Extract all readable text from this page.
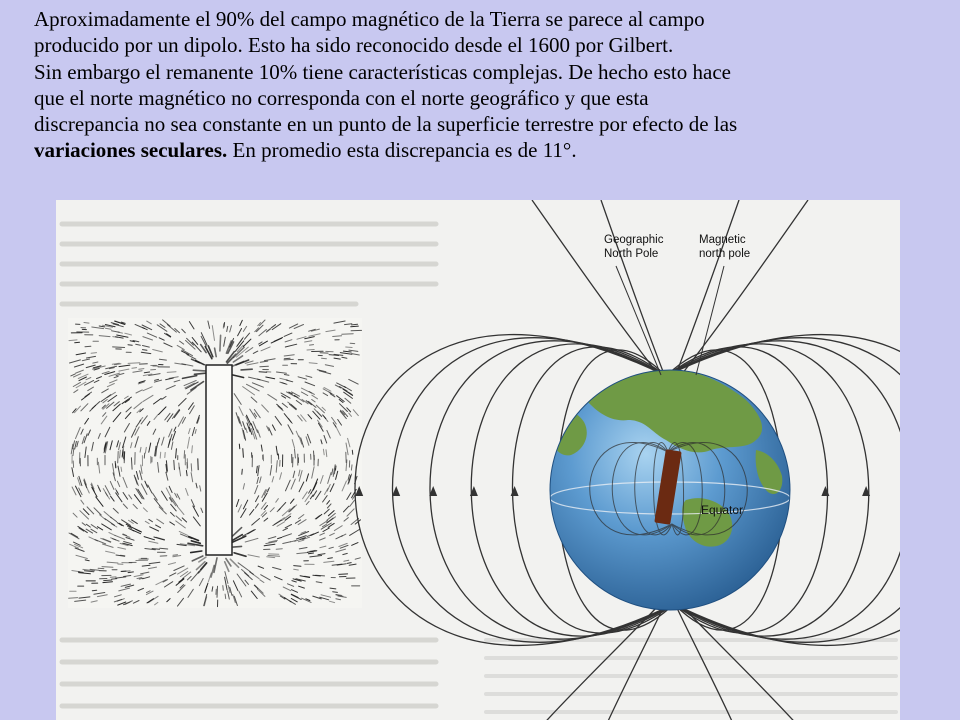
Aproximadamente el 90% del campo magnético de la Tierra se parece al campo
producido por un dipolo. Esto ha sido reconocido desde el 1600 por Gilbert.
Sin embargo el remanente 10% tiene características complejas. De hecho esto hace
que el norte magnético no corresponda con el norte geográfico y que esta
discrepancia no sea constante en un punto de la superficie terrestre por efecto de las
variaciones seculares. En promedio esta discrepancia es de 11°.
Geographic
North Pole
Magnetic
north pole
Equator
